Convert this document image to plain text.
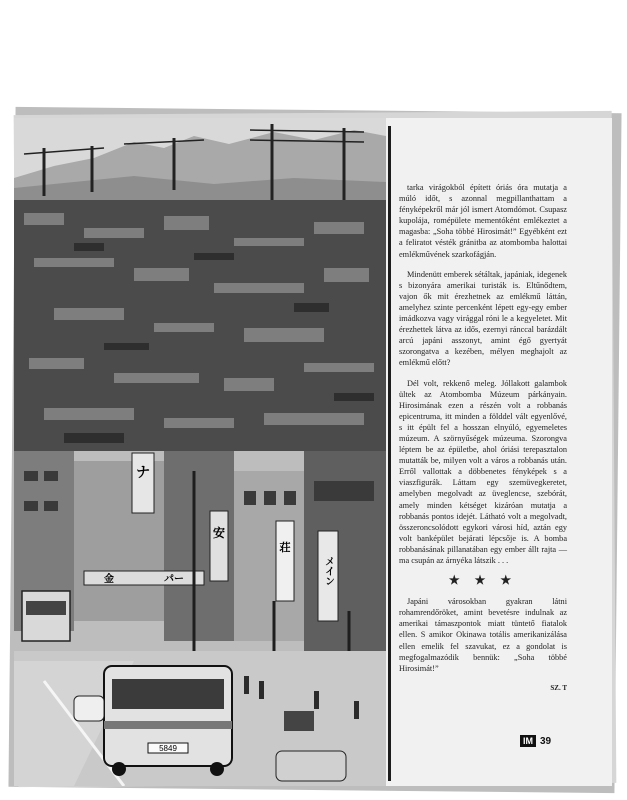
ナ
安
メイン
荘
金	パー
5849

tarka virágokból épített óriás óra mutatja a múló időt, s azonnal megpillanthattam a fényképekről már jól ismert Atomdómot. Csupasz kupolája, romépülete mementóként emlékeztet a magasba: „Soha többé Hirosimát!” Egyébként ezt a feliratot vésték gránitba az atombomba halottai emlékművének szarkofágján.

Mindenütt emberek sétáltak, japániak, idegenek s bizonyára amerikai turisták is. Eltűnődtem, vajon ők mit érezhetnek az emlékmű láttán, amelyhez szinte percenként lépett egy-egy ember imádkozva vagy virággal róni le a kegyeletet. Mit érezhettek látva az idős, ezernyi ránccal barázdált arcú japáni asszonyt, amint égő gyertyát szorongatva a kezében, mélyen meghajolt az emlékmű előtt?

Dél volt, rekkenő meleg. Jóllakott galambok ültek az Atombomba Múzeum párkányain. Hirosimának ezen a részén volt a robbanás epicentruma, itt minden a földdel vált egyenlővé, s itt épült fel a hosszan elnyúló, egyemeletes múzeum. A szörnyűségek múzeuma. Szorongva léptem be az épületbe, ahol óriási terepasztalon mutatták be, milyen volt a város a robbanás után. Erről vallottak a döbbenetes fényképek s a viaszfigurák. Láttam egy szemüvegkeretet, amelyben megolvadt az üveglencse, szebórát, amely minden kétséget kizáróan mutatja a robbanás pontos idejét. Látható volt a megolvadt, összeroncsolódott egykori városi híd, aztán egy volt banképület bejárati lépcsője is. A bomba robbanásának pillanatában egy ember állt rajta — ma csupán az árnyéka látszik . . .

★ ★ ★

Japáni városokban gyakran látni rohamrendőröket, amint bevetésre indulnak az amerikai támaszpontok miatt tüntető fiatalok ellen. S amikor Okinawa totális amerikanizálása ellen emelik fel szavukat, ez a gondolat is megfogalmazódik bennük: „Soha többé Hirosimát!”

SZ. T
IM 39
